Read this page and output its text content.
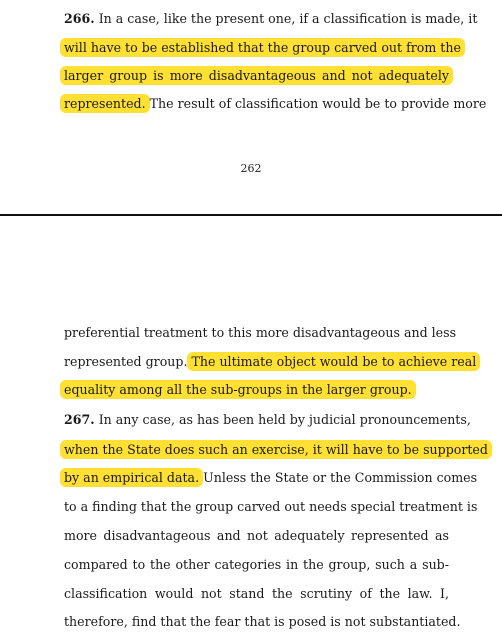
266. In a case, like the present one, if a classification is made, it
will have to be established that the group carved out from the
larger group is more disadvantageous and not adequately
represented. The result of classification would be to provide more
262
preferential treatment to this more disadvantageous and less
represented group. The ultimate object would be to achieve real
equality among all the sub-groups in the larger group.
267. In any case, as has been held by judicial pronouncements,
when the State does such an exercise, it will have to be supported
by an empirical data. Unless the State or the Commission comes
to a finding that the group carved out needs special treatment is
more disadvantageous and not adequately represented as
compared to the other categories in the group, such a sub-
classification would not stand the scrutiny of the law. I,
therefore, find that the fear that is posed is not substantiated.
